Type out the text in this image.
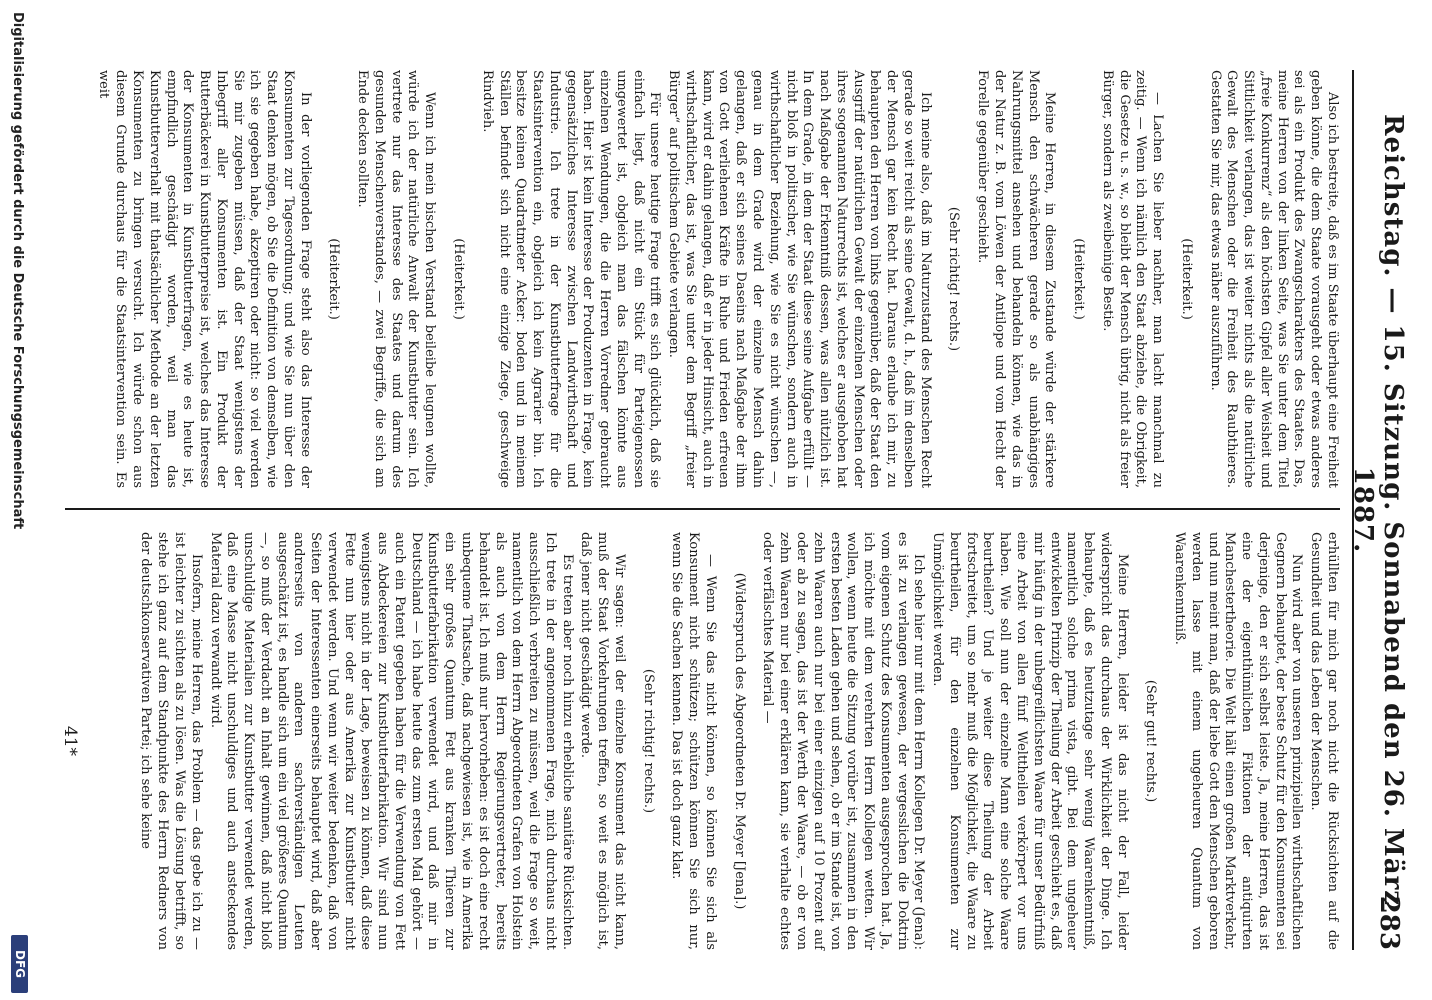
Reichstag. — 15. Sitzung. Sonnabend den 26. März 1887.
283

Also ich bestreite, daß es im Staate überhaupt eine Freiheit geben könne, die dem Staate vorausgeht oder etwas anderes sei als ein Produkt des Zwangscharakters des Staates. Das, meine Herren von der linken Seite, was Sie unter dem Titel „freie Konkurrenz“ als den höchsten Gipfel aller Weisheit und Sittlichkeit verlangen, das ist weiter nichts als die natürliche Gewalt des Menschen oder die Freiheit des Raubthieres. Gestatten Sie mir, das etwas näher auszuführen.

(Heiterkeit.)

— Lachen Sie lieber nachher, man lacht manchmal zu zeitig. — Wenn ich nämlich den Staat abziehe, die Obrigkeit, die Gesetze u. s. w., so bleibt der Mensch übrig, nicht als freier Bürger, sondern als zweibeinige Bestie.

(Heiterkeit.)

Meine Herren, in diesem Zustande würde der stärkere Mensch den schwächeren gerade so als unabhängiges Nahrungsmittel ansehen und behandeln können, wie das in der Natur z. B. vom Löwen der Antilope und vom Hecht der Forelle gegenüber geschieht.

(Sehr richtig! rechts.)

Ich meine also, daß im Naturzustand des Menschen Recht gerade so weit reicht als seine Gewalt, d. h., daß im denselben der Mensch gar kein Recht hat. Daraus erlaube ich mir, zu behaupten den Herren von links gegenüber, daß der Staat den Ausgriff der natürlichen Gewalt der einzelnen Menschen oder ihres sogenannten Naturrechts ist, welches er ausgehoben hat nach Maßgabe der Erkenntniß dessen, was allen nützlich ist. In dem Grade, in dem der Staat diese seine Aufgabe erfüllt — nicht bloß in politischer, wie Sie wünschen, sondern auch in wirthschaftlicher Beziehung, wie Sie es nicht wünschen —, genau in dem Grade wird der einzelne Mensch dahin gelangen, daß er sich seines Daseins nach Maßgabe der ihm von Gott verliehenen Kräfte in Ruhe und Frieden erfreuen kann, wird er dahin gelangen, daß er in jeder Hinsicht, auch in wirthschaftlicher, das ist, was Sie unter dem Begriff „freier Bürger“ auf politischem Gebiete verlangen.

Für unsere heutige Frage trifft es sich glücklich, daß sie einfach liegt, daß nicht ein Stück für Parteigenossen umgewertet ist, obgleich man das fälschen könnte aus einzelnen Wendungen, die die Herren Vorredner gebraucht haben. Hier ist kein Interesse der Produzenten in Frage, kein gegensätzliches Interesse zwischen Landwirthschaft und Industrie. Ich trete in der Kunstbutterfrage für die Staatsintervention ein, obgleich ich kein Agrarier bin. Ich besitze keinen Quadratmeter Acker: boden und in meinem Ställen befindet sich nicht eine einzige Ziege, geschweige Rindvieh.

(Heiterkeit.)

Wenn ich mein bischen Verstand beileibe leugnen wollte, würde ich der natürliche Anwalt der Kunstbutter sein. Ich vertrete nur das Interesse des Staates und darum des gesunden Menschenverstandes, — zwei Begriffe, die sich am Ende decken sollten.

(Heiterkeit.)

In der vorliegenden Frage steht also das Interesse der Konsumenten zur Tagesordnung; und wie Sie nun über den Staat denken mögen, ob Sie die Definition von demselben, wie ich sie gegeben habe, akzeptiren oder nicht: so viel werden Sie mir zugeben müssen, daß der Staat wenigstens der Inbegriff aller Konsumenten ist. Ein Produkt der Butterbäckerei in Kunstbutterpreise ist, welches das Interesse der Konsumenten in Kunstbutterfragen, wie es heute ist, empfindlich geschädigt worden, weil man das Kunstbutterverhalt mit thatsächlicher Methode an der letzten Konsumenten zu bringen versucht. Ich würde schon aus diesem Grunde durchaus für die Staatsintervention sein. Es weit

erhüllten für mich gar noch nicht die Rücksichten auf die Gesundheit und das Leben der Menschen.

Nun wird aber von unseren prinzipiellen wirthschaftlichen Gegnern behauptet, der beste Schutz für den Konsumenten sei derjenige, den er sich selbst leiste. Ja, meine Herren, das ist eine der eigenthümlichen Fiktionen der antiquirten Manchestertheorie. Die Welt hält einen großen Marktverkehr, und nun meint man, daß der liebe Gott den Menschen geboren werden lasse mit einem ungeheuren Quantum von Waarenkenntniß.

(Sehr gut! rechts.)

Meine Herren, leider ist das nicht der Fall, leider widerspricht das durchaus der Wirklichkeit der Dinge. Ich behaupte, daß es heutzutage sehr wenig Waarenkenntniß, namentlich solche prima vista, gibt. Bei dem ungeheuer entwickelten Prinzip der Theilung der Arbeit geschieht es, daß mir häufig in der unbegreiflichsten Waare für unser Bedürfniß eine Arbeit von allen fünf Welttheilen verkörpert vor uns haben. Wie soll nun der einzelne Mann eine solche Waare beurtheilen? Und je weiter diese Theilung der Arbeit fortschreitet, um so mehr muß die Möglichkeit, die Waare zu beurtheilen, für den einzelnen Konsumenten zur Unmöglichkeit werden.

Ich sehe hier nur mit dem Herrn Kollegen Dr. Meyer (Jena): es ist zu verlangen gewesen, der vergesslichen die Doktrin vom eigenen Schutz des Konsumenten ausgesprochen hat. Ja, ich möchte mit dem verehrten Herrn Kollegen wetten. Wir wollen, wenn heute die Sitzung vorüber ist, zusammen in den ersten besten Laden gehen und sehen, ob er im Stande ist, von zehn Waaren auch nur bei einer einzigen auf 10 Prozent auf oder ab zu sagen, das ist der Werth der Waare, — ob er von zehn Waaren nur bei einer erklären kann, sie verhalte echtes oder verfälschtes Material —

(Widerspruch des Abgeordneten Dr. Meyer [Jena].)

— Wenn Sie das nicht können, so können Sie sich als Konsument nicht schützen; schützen können Sie sich nur, wenn Sie die Sachen kennen. Das ist doch ganz klar.

(Sehr richtig! rechts.)

Wir sagen: weil der einzelne Konsument das nicht kann, muß der Staat Vorkehrungen treffen, so weit es möglich ist, daß jener nicht geschädigt werde.

Es treten aber noch hinzu erhebliche sanitäre Rücksichten. Ich trete in der angenommenen Frage, mich durchaus nicht ausschließlich verbreiten zu müssen, weil die Frage so weit, namentlich von dem Herrn Abgeordneten Grafen von Holstein als auch von dem Herrn Regierungsvertreter, bereits behandelt ist. Ich muß nur hervorheben: es ist doch eine recht unbequeme Thatsache, daß nachgewiesen ist, wie in Amerika ein sehr großes Quantum Fett aus kranken Thieren zur Kunstbutterfabrikation verwendet wird, und daß mir in Deutschland — ich habe heute das zum ersten Mal gehört — auch ein Patent gegeben haben für die Verwendung von Fett aus Abdeckereien zur Kunstbutterfabrikation. Wir sind nun wenigstens nicht in der Lage, beweisen zu können, daß diese Fette nun hier oder aus Amerika zur Kunstbutter nicht verwendet werden. Und wenn wir weiter bedenken, daß von Seiten der Interessenten einerseits behauptet wird, daß aber andrerseits von anderen sachverständigen Leuten ausgeschätzt ist, es handle sich um ein viel größeres Quantum —, so muß der Verdacht an Inhalt gewinnen, daß nicht bloß unschuldige Materialien zur Kunstbutter verwendet werden, daß eine Masse nicht unschuldiges und auch ansteckendes Material dazu verwandt wird.

Insofern, meine Herren, das Problem — das gebe ich zu — ist leichter zu sichten als zu lösen. Was die Lösung betrifft, so stehe ich ganz auf dem Standpunkte des Herrn Redners von der deutschkonservativen Partei; ich sehe keine

41*
Digitalisierung gefördert durch die Deutsche Forschungsgemeinschaft
DFG
